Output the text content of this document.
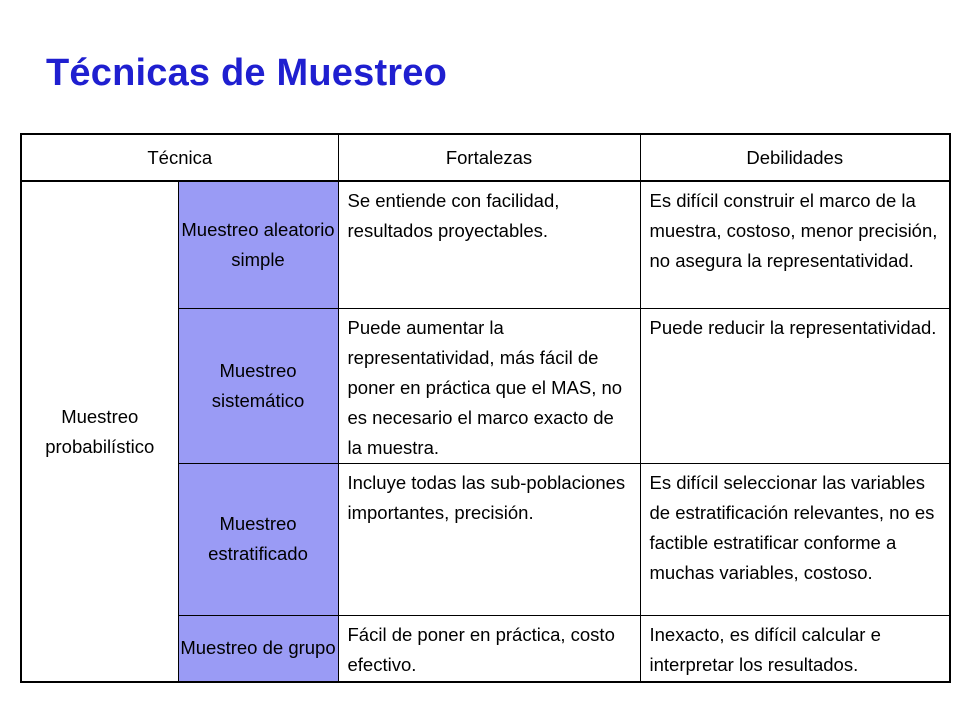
Técnicas de Muestreo
Técnica		Fortalezas	Debilidades
Muestreo probabilístico	Muestreo aleatorio simple	Se entiende con facilidad, resultados proyectables.	Es difícil construir el marco de la muestra, costoso, menor precisión, no asegura la representatividad.
	Muestreo sistemático	Puede aumentar la representatividad, más fácil de poner en práctica que el MAS, no es necesario el marco exacto de la muestra.	Puede reducir la representatividad.
	Muestreo estratificado	Incluye todas las sub-poblaciones importantes, precisión.	Es difícil seleccionar las variables de estratificación relevantes, no es factible estratificar conforme a muchas variables, costoso.
	Muestreo de grupo	Fácil de poner en práctica, costo efectivo.	Inexacto, es difícil calcular e interpretar los resultados.
